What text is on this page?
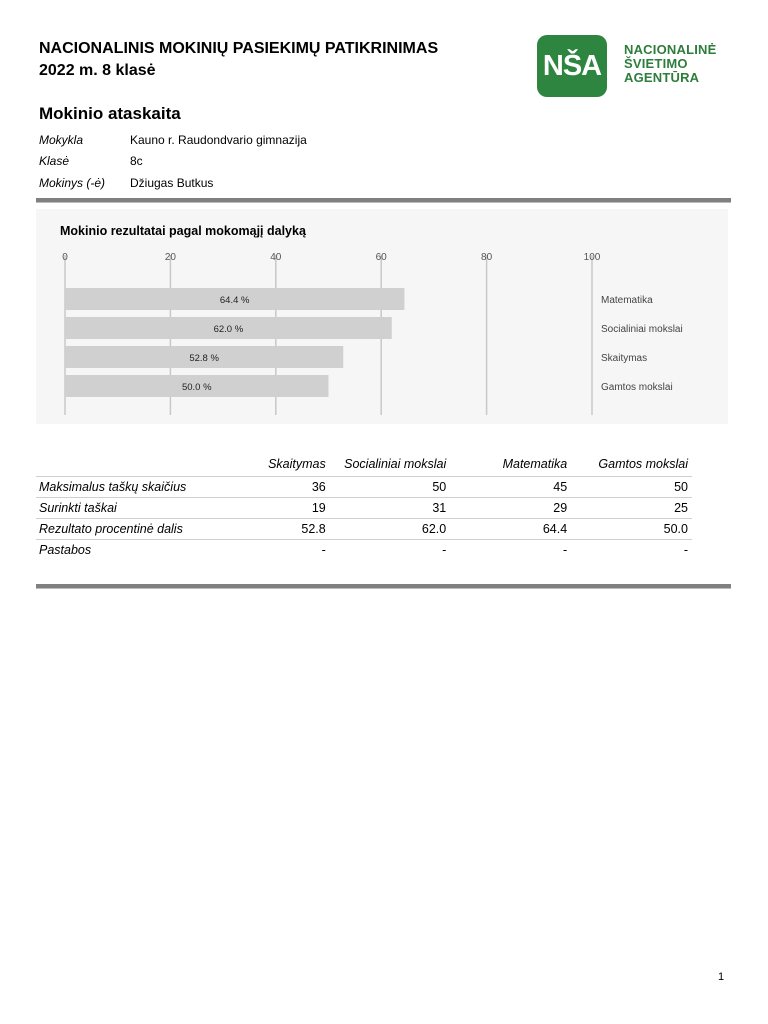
NACIONALINIS MOKINIŲ PASIEKIMŲ PATIKRINIMAS
2022 m. 8 klasė	NŠA NACIONALINĖ
ŠVIETIMO
AGENTŪRA
Mokinio ataskaita
Mokykla	Kauno r. Raudondvario gimnazija
Klasė	8c
Mokinys (-ė)	Džiugas Butkus
Mokinio rezultatai pagal mokomąjį dalyką
0	20	40	60	80	100
64.4 %	Matematika
62.0 %	Socialiniai mokslai
52.8 %	Skaitymas
50.0 %	Gamtos mokslai
	Skaitymas	Socialiniai mokslai	Matematika	Gamtos mokslai
Maksimalus taškų skaičius	36	50	45	50
Surinkti taškai	19	31	29	25
Rezultato procentinė dalis	52.8	62.0	64.4	50.0
Pastabos	-	-	-	-
1
